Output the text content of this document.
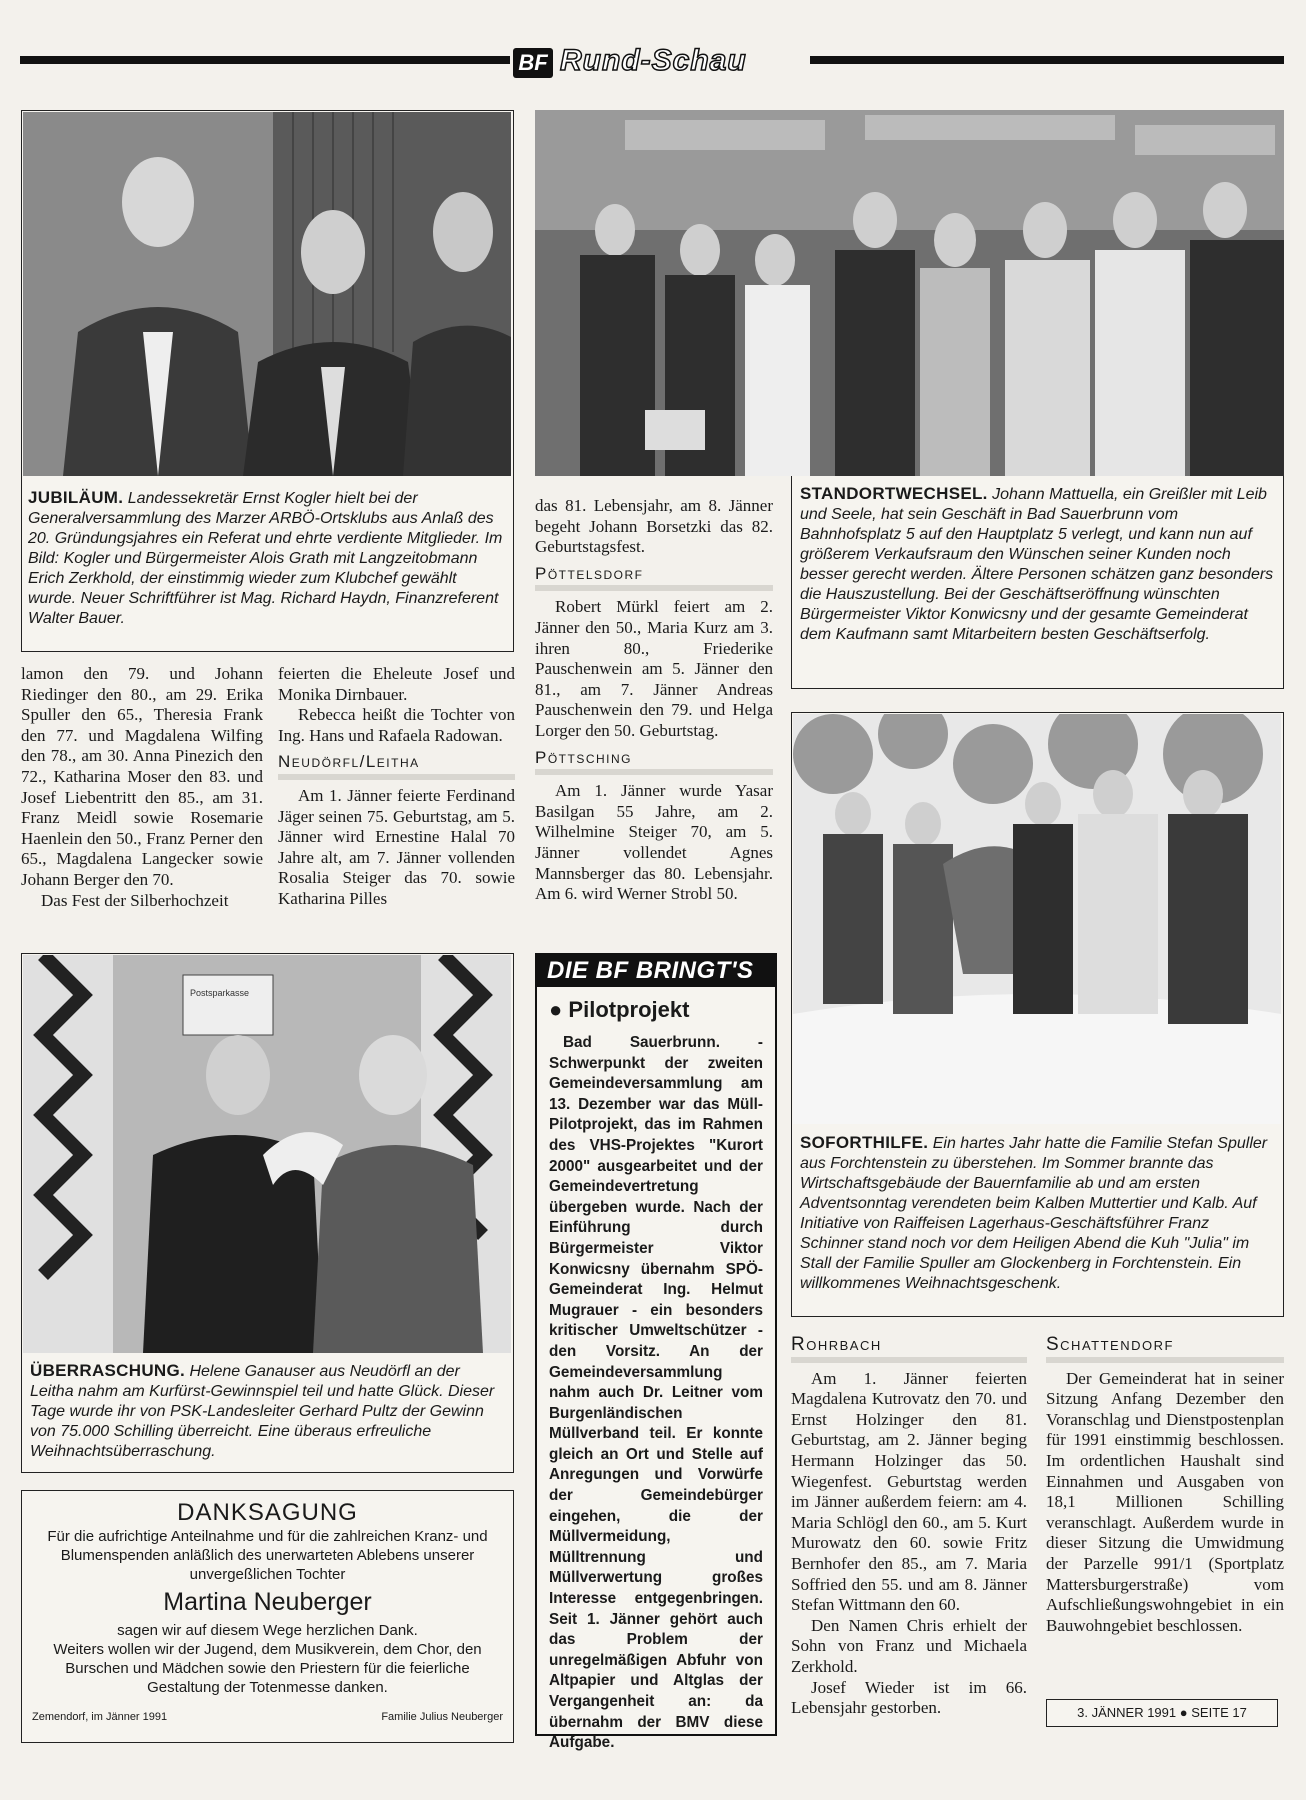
BF Rund-Schau
JUBILÄUM. Landessekretär Ernst Kogler hielt bei der Generalversammlung des Marzer ARBÖ-Ortsklubs aus Anlaß des 20. Gründungsjahres ein Referat und ehrte verdiente Mitglieder. Im Bild: Kogler und Bürgermeister Alois Grath mit Langzeitobmann Erich Zerkhold, der einstimmig wieder zum Klubchef gewählt wurde. Neuer Schriftführer ist Mag. Richard Haydn, Finanzreferent Walter Bauer.

lamon den 79. und Johann Riedinger den 80., am 29. Erika Spuller den 65., Theresia Frank den 77. und Magdalena Wilfing den 78., am 30. Anna Pinezich den 72., Katharina Moser den 83. und Josef Liebentritt den 85., am 31. Franz Meidl sowie Rosemarie Haenlein den 50., Franz Perner den 65., Magdalena Langecker sowie Johann Berger den 70.

Das Fest der Silberhochzeit

feierten die Eheleute Josef und Monika Dirnbauer.

Rebecca heißt die Tochter von Ing. Hans und Rafaela Radowan.

Neudörfl/Leitha

Am 1. Jänner feierte Ferdinand Jäger seinen 75. Geburtstag, am 5. Jänner wird Ernestine Halal 70 Jahre alt, am 7. Jänner vollenden Rosalia Steiger das 70. sowie Katharina Pilles

das 81. Lebensjahr, am 8. Jänner begeht Johann Borsetzki das 82. Geburtstagsfest.

Pöttelsdorf

Robert Mürkl feiert am 2. Jänner den 50., Maria Kurz am 3. ihren 80., Friederike Pauschenwein am 5. Jänner den 81., am 7. Jänner Andreas Pauschenwein den 79. und Helga Lorger den 50. Geburtstag.

Pöttsching

Am 1. Jänner wurde Yasar Basilgan 55 Jahre, am 2. Wilhelmine Steiger 70, am 5. Jänner vollendet Agnes Mannsberger das 80. Lebensjahr. Am 6. wird Werner Strobl 50.

STANDORTWECHSEL. Johann Mattuella, ein Greißler mit Leib und Seele, hat sein Geschäft in Bad Sauerbrunn vom Bahnhofsplatz 5 auf den Hauptplatz 5 verlegt, und kann nun auf größerem Verkaufsraum den Wünschen seiner Kunden noch besser gerecht werden. Ältere Personen schätzen ganz besonders die Hauszustellung. Bei der Geschäftseröffnung wünschten Bürgermeister Viktor Konwicsny und der gesamte Gemeinderat dem Kaufmann samt Mitarbeitern besten Geschäftserfolg.
Postsparkasse
ÜBERRASCHUNG. Helene Ganauser aus Neudörfl an der Leitha nahm am Kurfürst-Gewinnspiel teil und hatte Glück. Dieser Tage wurde ihr von PSK-Landesleiter Gerhard Pultz der Gewinn von 75.000 Schilling überreicht. Eine überaus erfreuliche Weihnachtsüberraschung.
DANKSAGUNG
Für die aufrichtige Anteilnahme und für die zahlreichen Kranz- und Blumenspenden anläßlich des unerwarteten Ablebens unserer unvergeßlichen Tochter
Martina Neuberger
sagen wir auf diesem Wege herzlichen Dank.
Weiters wollen wir der Jugend, dem Musikverein, dem Chor, den Burschen und Mädchen sowie den Priestern für die feierliche Gestaltung der Totenmesse danken.
Zemendorf, im Jänner 1991	Familie Julius Neuberger
DIE BF BRINGT'S
● Pilotprojekt
Bad Sauerbrunn. - Schwerpunkt der zweiten Gemeindeversammlung am 13. Dezember war das Müll-Pilotprojekt, das im Rahmen des VHS-Projektes "Kurort 2000" ausgearbeitet und der Gemeindevertretung übergeben wurde. Nach der Einführung durch Bürgermeister Viktor Konwicsny übernahm SPÖ-Gemeinderat Ing. Helmut Mugrauer - ein besonders kritischer Umweltschützer - den Vorsitz. An der Gemeindeversammlung nahm auch Dr. Leitner vom Burgenländischen Müllverband teil. Er konnte gleich an Ort und Stelle auf Anregungen und Vorwürfe der Gemeindebürger eingehen, die der Müllvermeidung, Mülltrennung und Müllverwertung großes Interesse entgegenbringen. Seit 1. Jänner gehört auch das Problem der unregelmäßigen Abfuhr von Altpapier und Altglas der Vergangenheit an: da übernahm der BMV diese Aufgabe.
SOFORTHILFE. Ein hartes Jahr hatte die Familie Stefan Spuller aus Forchtenstein zu überstehen. Im Sommer brannte das Wirtschaftsgebäude der Bauernfamilie ab und am ersten Adventsonntag verendeten beim Kalben Muttertier und Kalb. Auf Initiative von Raiffeisen Lagerhaus-Geschäftsführer Franz Schinner stand noch vor dem Heiligen Abend die Kuh "Julia" im Stall der Familie Spuller am Glockenberg in Forchtenstein. Ein willkommenes Weihnachtsgeschenk.
Rohrbach

Am 1. Jänner feierten Magdalena Kutrovatz den 70. und Ernst Holzinger den 81. Geburtstag, am 2. Jänner beging Hermann Holzinger das 50. Wiegenfest. Geburtstag werden im Jänner außerdem feiern: am 4. Maria Schlögl den 60., am 5. Kurt Murowatz den 60. sowie Fritz Bernhofer den 85., am 7. Maria Soffried den 55. und am 8. Jänner Stefan Wittmann den 60.

Den Namen Chris erhielt der Sohn von Franz und Michaela Zerkhold.

Josef Wieder ist im 66. Lebensjahr gestorben.

Schattendorf

Der Gemeinderat hat in seiner Sitzung Anfang Dezember den Voranschlag und Dienstpostenplan für 1991 einstimmig beschlossen. Im ordentlichen Haushalt sind Einnahmen und Ausgaben von 18,1 Millionen Schilling veranschlagt. Außerdem wurde in dieser Sitzung die Umwidmung der Parzelle 991/1 (Sportplatz Mattersburgerstraße) vom Aufschließungswohngebiet in ein Bauwohngebiet beschlossen.

3. JÄNNER 1991 ● SEITE 17
